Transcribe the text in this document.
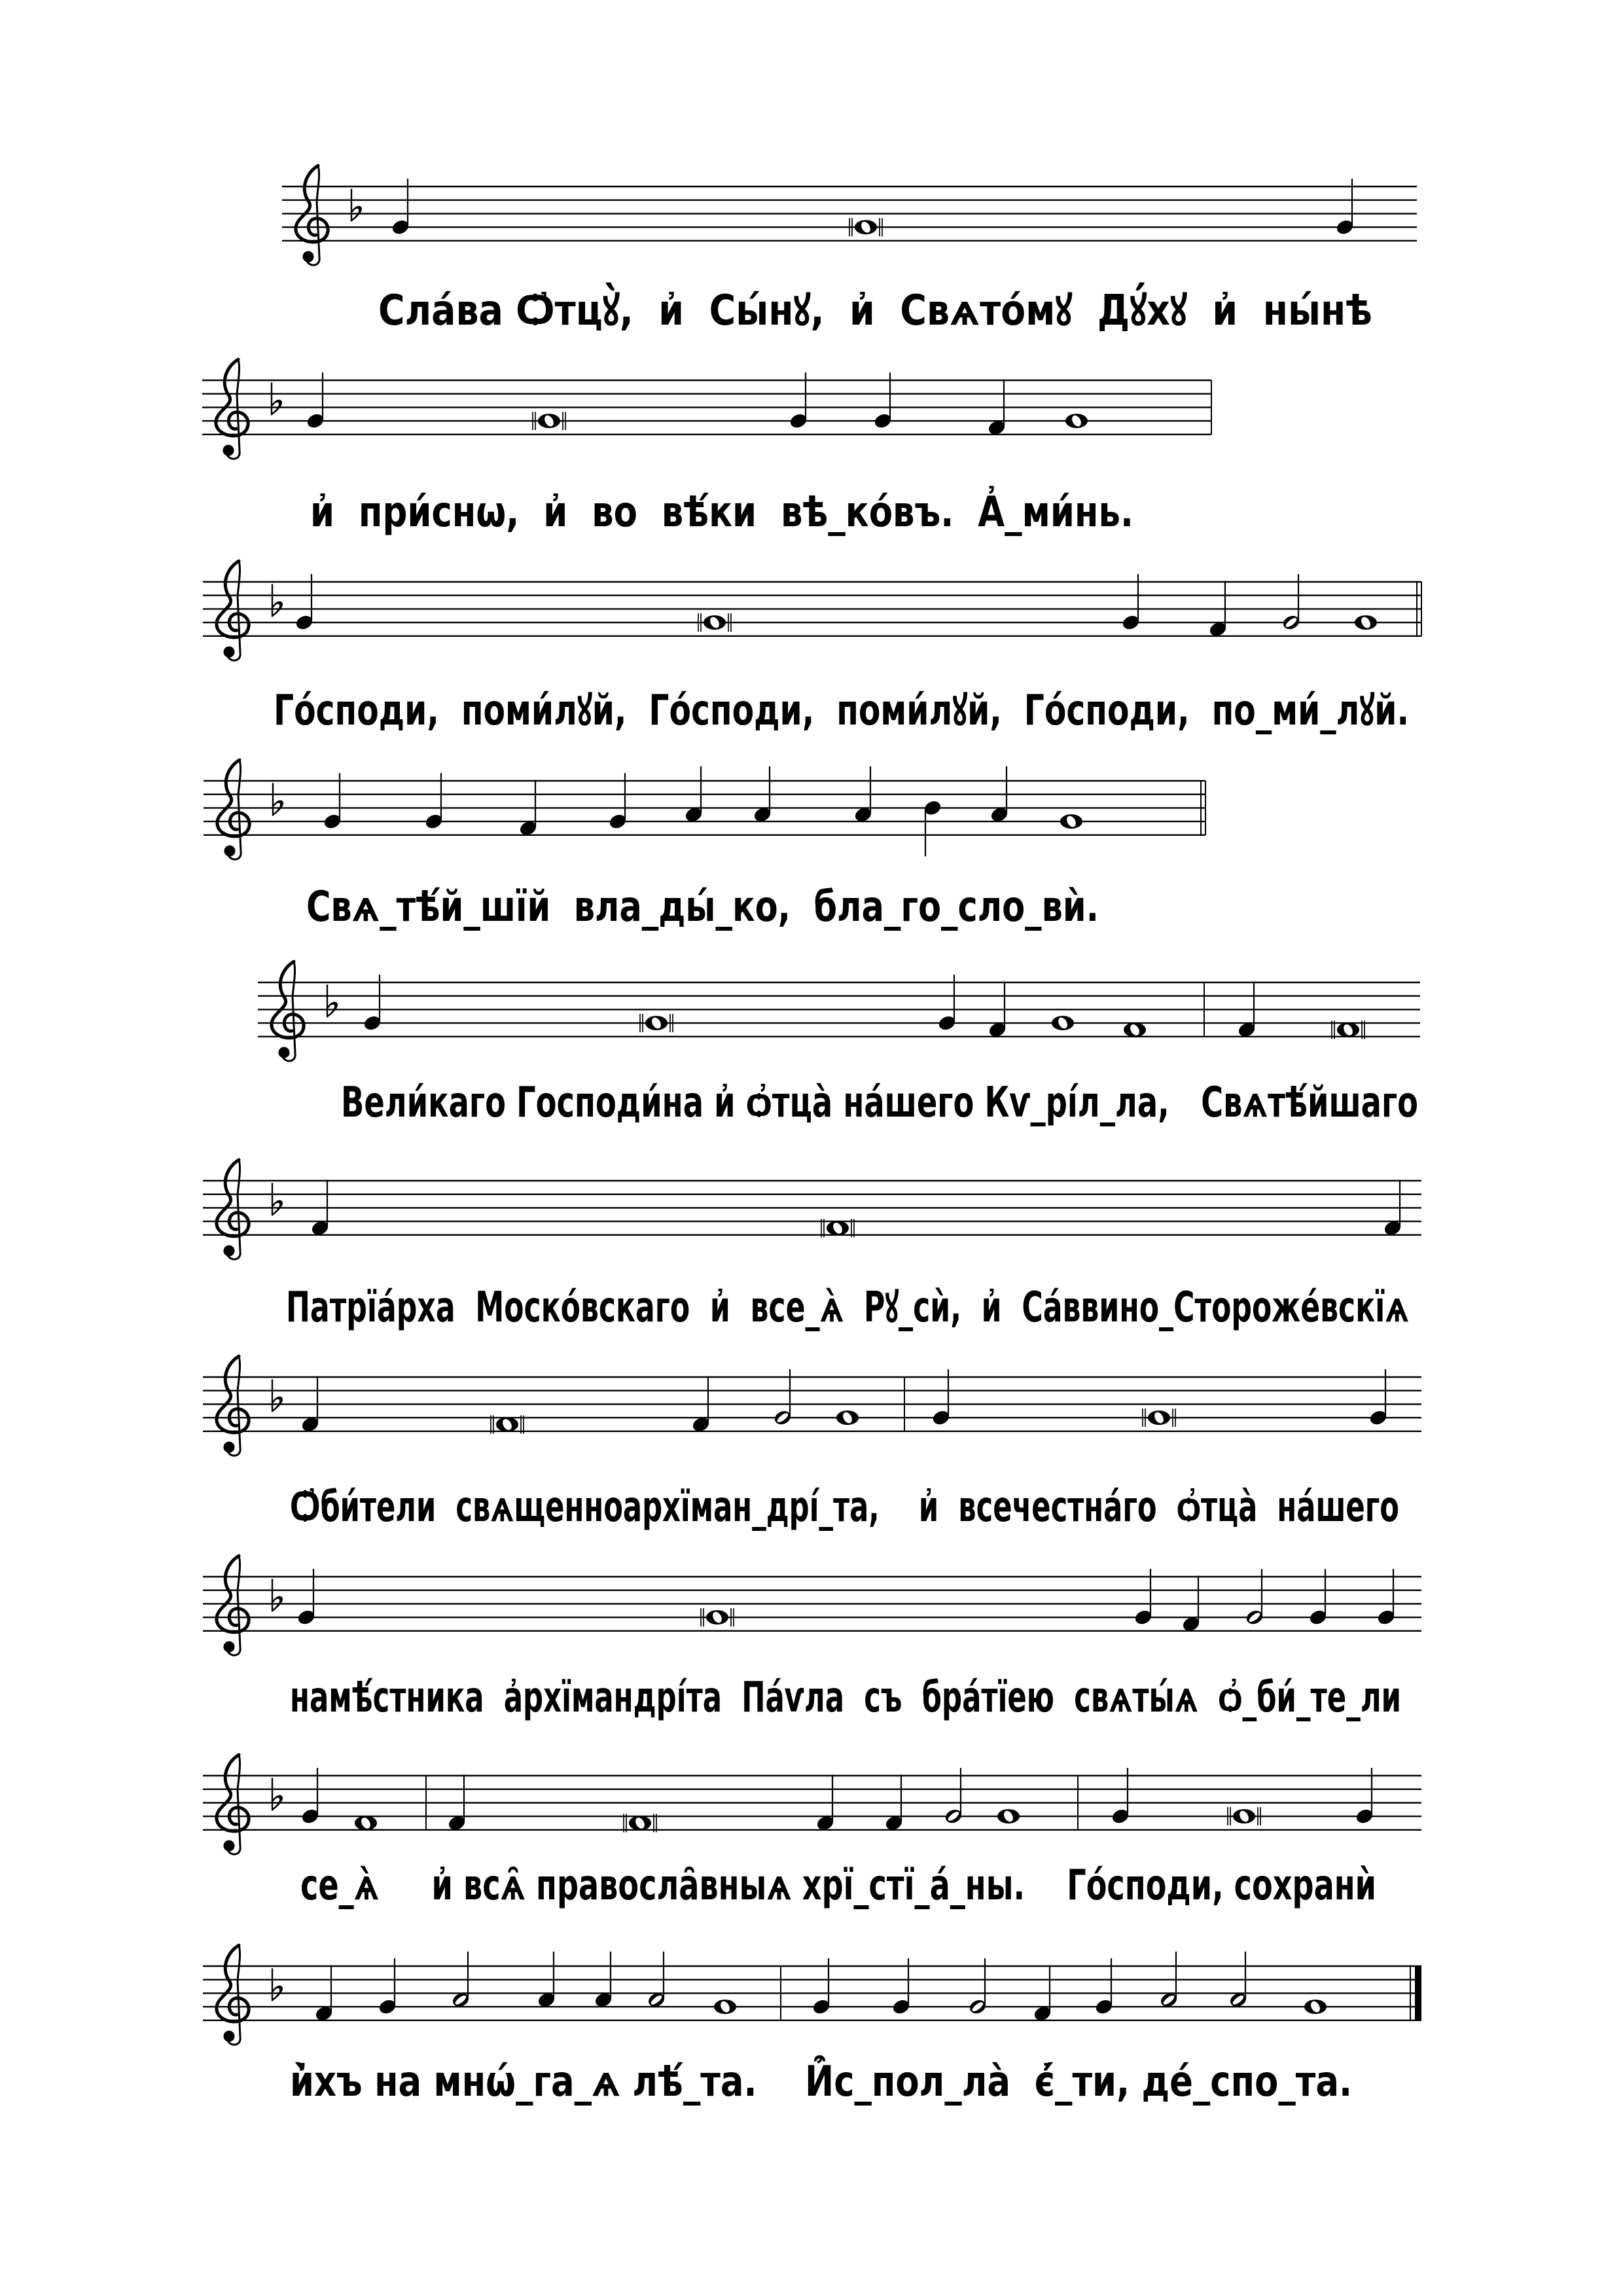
Сла́ва Ѻ҆тцꙋ̀,  и҆  Сы́нꙋ,  и҆  Свѧто́мꙋ  Дꙋ́хꙋ  и҆  ны́нѣ
и҆  при́снѡ,  и҆  во  вѣ́ки  вѣ_ко́въ.  А҆_ми́нь.
Го́споди,  поми́лꙋй,  Го́споди,  поми́лꙋй,  Го́споди,  по_ми́_лꙋй.
Свѧ_тѣ́й_шїй  вла_ды́_ко,  бла_го_сло_вѝ.
Вели́каго Господи́на и҆ ѻ҆тца̀ на́шего Кѵ_рі́л_ла,   Свѧтѣ́йшаго
Патрїа́рха  Моско́вскаго  и҆  все_ѧ̀  Рꙋ_сѝ,  и҆  Са́ввино_Стороже́вскїѧ
Ѻ҆би́тели  свѧщенноархїман_дрі́_та,    и҆  всечестна́го  ѻ҆тца̀  на́шего
намѣ́стника  а҆рхїмандрі́та  Па́ѵла  съ  бра́тїею  свѧты́ѧ  ѻ҆_би́_те_ли
се_ѧ̀     и҆ всѧ̑ правосла̑вныѧ хрї_стї_а́_ны.    Го́споди, сохранѝ
и҆̀хъ на мнѡ́_га_ѧ лѣ́_та.    И҆̑с_пол_ла̀  є҆́_ти, де́_спо_та.
